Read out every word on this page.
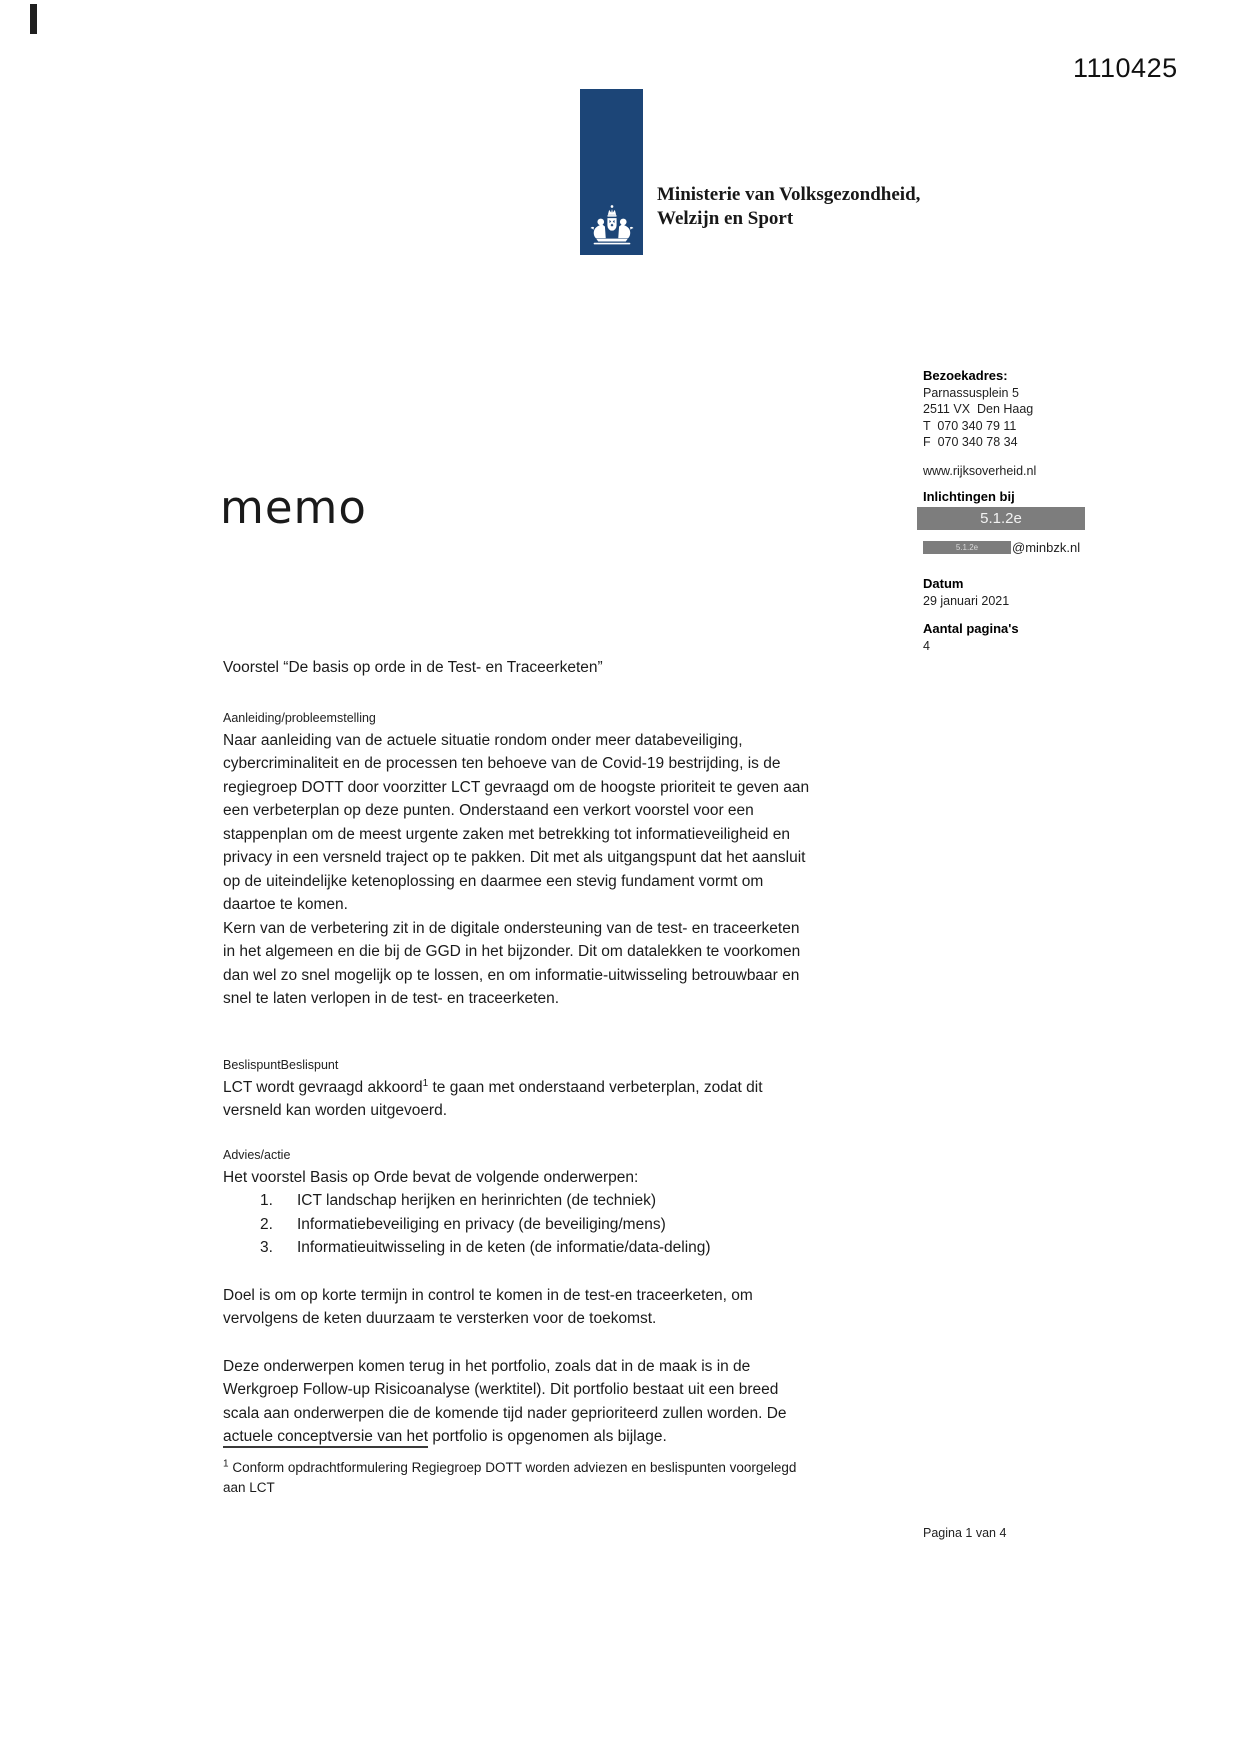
1110425
Ministerie van Volksgezondheid,
Welzijn en Sport
Bezoekadres:
Parnassusplein 5
2511 VX  Den Haag
T  070 340 79 11
F  070 340 78 34
www.rijksoverheid.nl
Inlichtingen bij
5.1.2e
5.1.2e	@minbzk.nl
Datum
29 januari 2021
Aantal pagina's
4
memo
Voorstel “De basis op orde in de Test- en Traceerketen”
Aanleiding/probleemstelling
Naar aanleiding van de actuele situatie rondom onder meer databeveiliging, cybercriminaliteit en de processen ten behoeve van de Covid-19 bestrijding, is de regiegroep DOTT door voorzitter LCT gevraagd om de hoogste prioriteit te geven aan een verbeterplan op deze punten. Onderstaand een verkort voorstel voor een stappenplan om de meest urgente zaken met betrekking tot informatieveiligheid en privacy in een versneld traject op te pakken. Dit met als uitgangspunt dat het aansluit op de uiteindelijke ketenoplossing en daarmee een stevig fundament vormt om daartoe te komen.
Kern van de verbetering zit in de digitale ondersteuning van de test- en traceerketen in het algemeen en die bij de GGD in het bijzonder. Dit om datalekken te voorkomen dan wel zo snel mogelijk op te lossen, en om informatie-uitwisseling betrouwbaar en snel te laten verlopen in de test- en traceerketen.
BeslispuntBeslispunt
LCT wordt gevraagd akkoord$^1$ te gaan met onderstaand verbeterplan, zodat dit versneld kan worden uitgevoerd.
Advies/actie
Het voorstel Basis op Orde bevat de volgende onderwerpen:
1.	ICT landschap herijken en herinrichten (de techniek)
2.	Informatiebeveiliging en privacy (de beveiliging/mens)
3.	Informatieuitwisseling in de keten (de informatie/data-deling)
Doel is om op korte termijn in control te komen in de test-en traceerketen, om vervolgens de keten duurzaam te versterken voor de toekomst.
Deze onderwerpen komen terug in het portfolio, zoals dat in de maak is in de Werkgroep Follow-up Risicoanalyse (werktitel). Dit portfolio bestaat uit een breed scala aan onderwerpen die de komende tijd nader geprioriteerd zullen worden. De actuele conceptversie van het portfolio is opgenomen als bijlage.
$^1$ Conform opdrachtformulering Regiegroep DOTT worden adviezen en beslispunten voorgelegd aan LCT
Pagina 1 van 4
